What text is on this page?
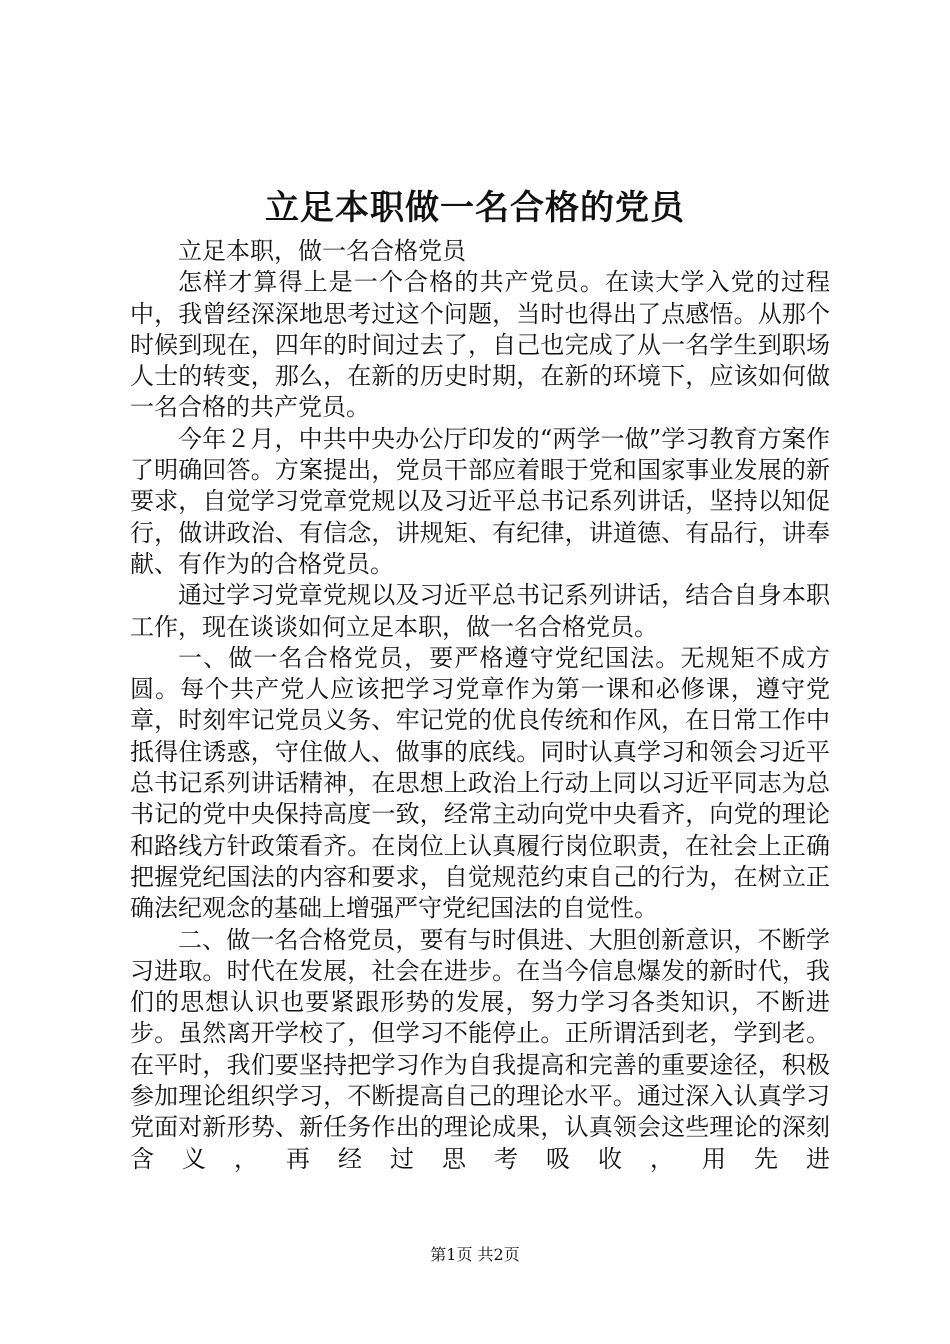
立足本职做一名合格的党员

立足本职，做一名合格党员

怎样才算得上是一个合格的共产党员。在读大学入党的过程中，我曾经深深地思考过这个问题，当时也得出了点感悟。从那个时候到现在，四年的时间过去了，自己也完成了从一名学生到职场人士的转变，那么，在新的历史时期，在新的环境下，应该如何做一名合格的共产党员。

今年２月，中共中央办公厅印发的“两学一做”学习教育方案作了明确回答。方案提出，党员干部应着眼于党和国家事业发展的新要求，自觉学习党章党规以及习近平总书记系列讲话，坚持以知促行，做讲政治、有信念，讲规矩、有纪律，讲道德、有品行，讲奉献、有作为的合格党员。

通过学习党章党规以及习近平总书记系列讲话，结合自身本职工作，现在谈谈如何立足本职，做一名合格党员。

一、做一名合格党员，要严格遵守党纪国法。无规矩不成方圆。每个共产党人应该把学习党章作为第一课和必修课，遵守党章，时刻牢记党员义务、牢记党的优良传统和作风，在日常工作中抵得住诱惑，守住做人、做事的底线。同时认真学习和领会习近平总书记系列讲话精神，在思想上政治上行动上同以习近平同志为总书记的党中央保持高度一致，经常主动向党中央看齐，向党的理论和路线方针政策看齐。在岗位上认真履行岗位职责，在社会上正确把握党纪国法的内容和要求，自觉规范约束自己的行为，在树立正确法纪观念的基础上增强严守党纪国法的自觉性。

二、做一名合格党员，要有与时俱进、大胆创新意识，不断学习进取。时代在发展，社会在进步。在当今信息爆发的新时代，我们的思想认识也要紧跟形势的发展，努力学习各类知识，不断进步。虽然离开学校了，但学习不能停止。正所谓活到老，学到老。在平时，我们要坚持把学习作为自我提高和完善的重要途径，积极参加理论组织学习，不断提高自己的理论水平。通过深入认真学习党面对新形势、新任务作出的理论成果，认真领会这些理论的深刻含义，再经过思考吸收，用先进

第1页 共2页
